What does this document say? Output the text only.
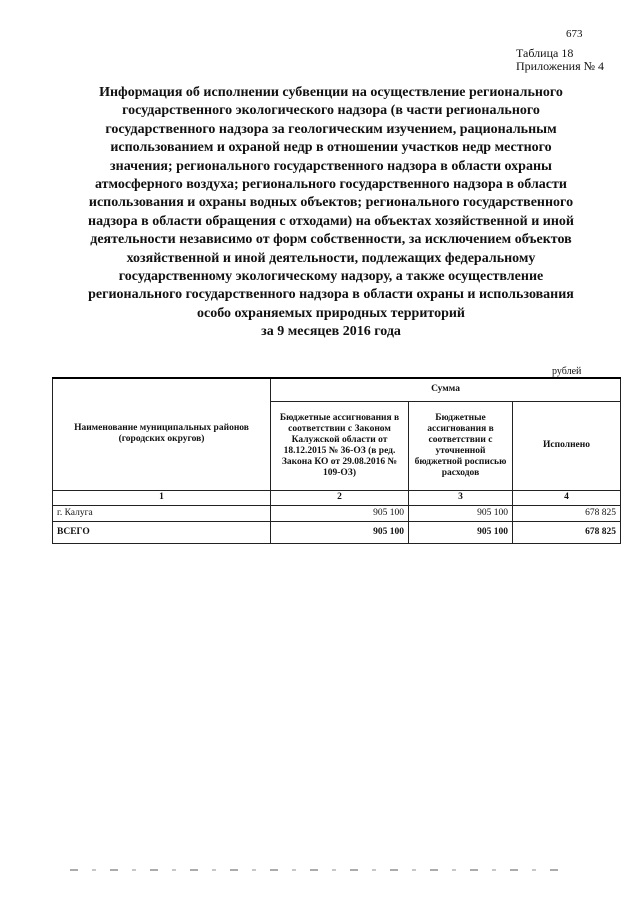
673
Таблица 18
Приложения № 4
Информация об исполнении субвенции на осуществление регионального
государственного экологического надзора (в части регионального
государственного надзора за геологическим изучением, рациональным
использованием и охраной недр в отношении участков недр местного
значения; регионального государственного надзора в области охраны
атмосферного воздуха; регионального государственного надзора в области
использования и охраны водных объектов; регионального государственного
надзора в области обращения с отходами) на объектах хозяйственной и иной
деятельности независимо от форм собственности, за исключением объектов
хозяйственной и иной деятельности, подлежащих федеральному
государственному экологическому надзору, а также осуществление
регионального государственного надзора в области охраны и использования
особо охраняемых природных территорий
за 9 месяцев 2016 года
рублей
Наименование муниципальных районов (городских округов)	Сумма		
	Бюджетные ассигнования в соответствии с Законом Калужской области от 18.12.2015 № 36-ОЗ (в ред. Закона КО от 29.08.2016 № 109-ОЗ)	Бюджетные ассигнования в соответствии с уточненной бюджетной росписью расходов	Исполнено
1	2	3	4
г. Калуга	905 100	905 100	678 825
ВСЕГО	905 100	905 100	678 825
